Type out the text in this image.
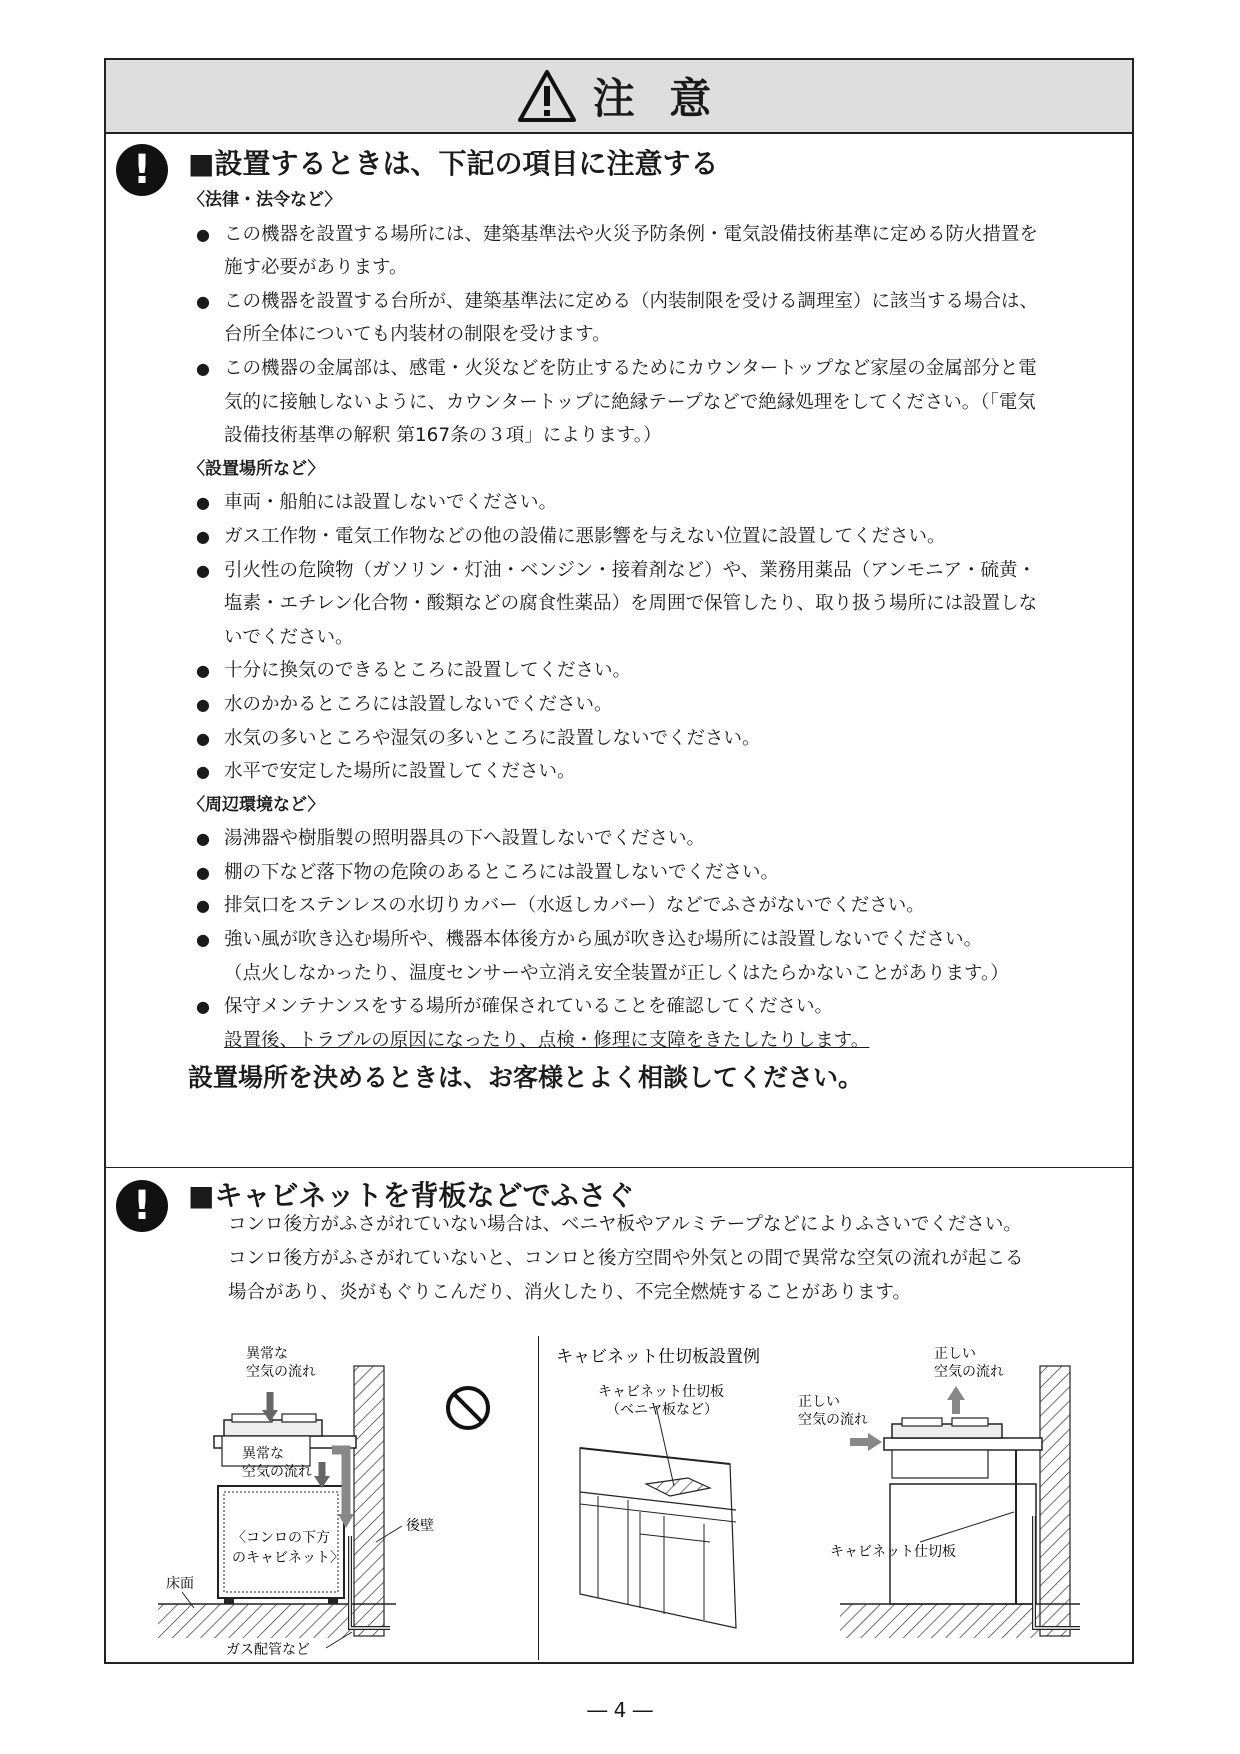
注 意
! ■設置するときは、下記の項目に注意する
〈法律・法令など〉
● この機器を設置する場所には、建築基準法や火災予防条例・電気設備技術基準に定める防火措置を
施す必要があります。
● この機器を設置する台所が、建築基準法に定める（内装制限を受ける調理室）に該当する場合は、
台所全体についても内装材の制限を受けます。
● この機器の金属部は、感電・火災などを防止するためにカウンタートップなど家屋の金属部分と電
気的に接触しないように、カウンタートップに絶縁テープなどで絶縁処理をしてください。（「電気
設備技術基準の解釈 第167条の３項」によります。）
〈設置場所など〉
● 車両・船舶には設置しないでください。
● ガス工作物・電気工作物などの他の設備に悪影響を与えない位置に設置してください。
● 引火性の危険物（ガソリン・灯油・ベンジン・接着剤など）や、業務用薬品（アンモニア・硫黄・
塩素・エチレン化合物・酸類などの腐食性薬品）を周囲で保管したり、取り扱う場所には設置しな
いでください。
● 十分に換気のできるところに設置してください。
● 水のかかるところには設置しないでください。
● 水気の多いところや湿気の多いところに設置しないでください。
● 水平で安定した場所に設置してください。
〈周辺環境など〉
● 湯沸器や樹脂製の照明器具の下へ設置しないでください。
● 棚の下など落下物の危険のあるところには設置しないでください。
● 排気口をステンレスの水切りカバー（水返しカバー）などでふさがないでください。
● 強い風が吹き込む場所や、機器本体後方から風が吹き込む場所には設置しないでください。
（点火しなかったり、温度センサーや立消え安全装置が正しくはたらかないことがあります。）
● 保守メンテナンスをする場所が確保されていることを確認してください。
設置後、トラブルの原因になったり、点検・修理に支障をきたしたりします。
設置場所を決めるときは、お客様とよく相談してください。
! ■キャビネットを背板などでふさぐ
コンロ後方がふさがれていない場合は、ベニヤ板やアルミテープなどによりふさいでください。
コンロ後方がふさがれていないと、コンロと後方空間や外気との間で異常な空気の流れが起こる
場合があり、炎がもぐりこんだり、消火したり、不完全燃焼することがあります。
異常な
空気の流れ
異常な
空気の流れ
〈コンロの下方
のキャビネット〉
後壁
床面
ガス配管など
キャビネット仕切板設置例
キャビネット仕切板
（ベニヤ板など）
正しい
空気の流れ
正しい
空気の流れ
キャビネット仕切板
― 4 ―
